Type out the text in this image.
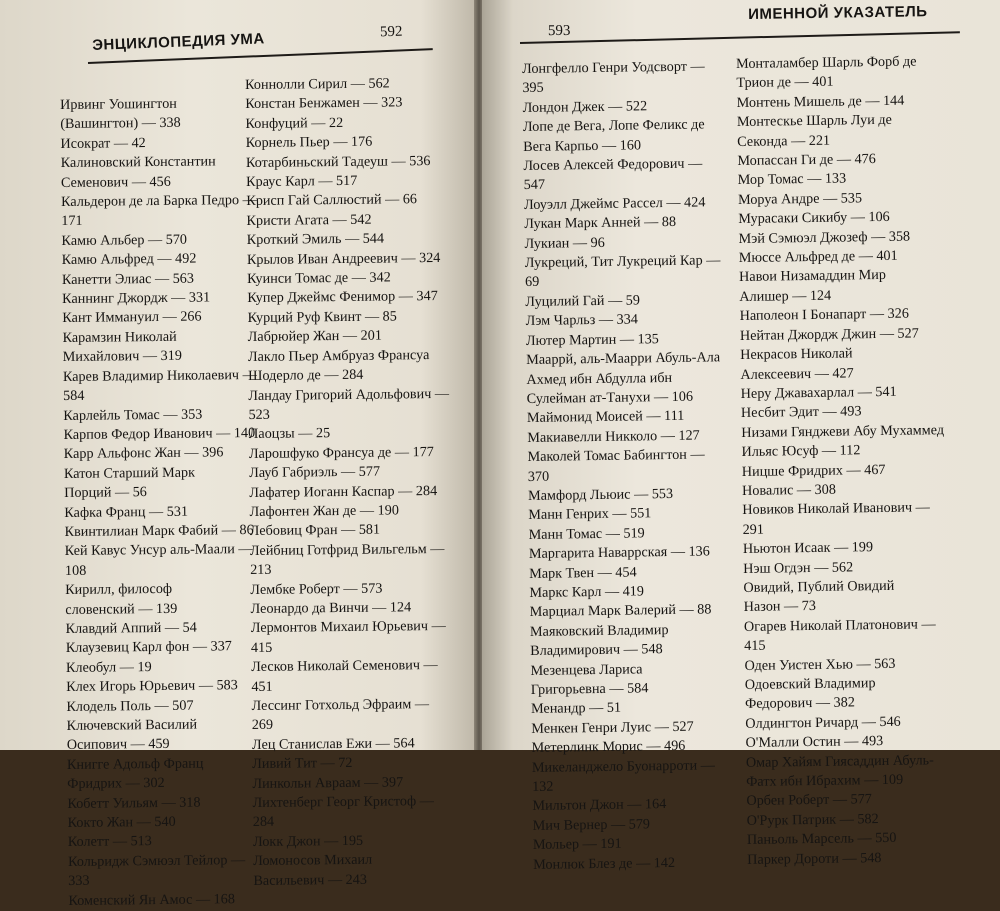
ЭНЦИКЛОПЕДИЯ УМА	592
Ирвинг Уошингтон
(Вашингтон) — 338
Исократ — 42
Калиновский Константин
Семенович — 456
Кальдерон де ла Барка Педро —
171
Камю Альбер — 570
Камю Альфред — 492
Канетти Элиас — 563
Каннинг Джордж — 331
Кант Иммануил — 266
Карамзин Николай
Михайлович — 319
Карев Владимир Николаевич —
584
Карлейль Томас — 353
Карпов Федор Иванович — 140
Карр Альфонс Жан — 396
Катон Старший Марк
Порций — 56
Кафка Франц — 531
Квинтилиан Марк Фабий — 86
Кей Кавус Унсур аль-Маали —
108
Кирилл, философ
словенский — 139
Клавдий Аппий — 54
Клаузевиц Карл фон — 337
Клеобул — 19
Клех Игорь Юрьевич — 583
Клодель Поль — 507
Ключевский Василий
Осипович — 459
Книгге Адольф Франц
Фридрих — 302
Кобетт Уильям — 318
Кокто Жан — 540
Колетт — 513
Кольридж Сэмюэл Тейлор —
333
Коменский Ян Амос — 168
Коннолли Сирил — 562
Констан Бенжамен — 323
Конфуций — 22
Корнель Пьер — 176
Котарбиньский Тадеуш — 536
Краус Карл — 517
Крисп Гай Саллюстий — 66
Кристи Агата — 542
Кроткий Эмиль — 544
Крылов Иван Андреевич — 324
Куинси Томас де — 342
Купер Джеймс Фенимор — 347
Курций Руф Квинт — 85
Лабрюйер Жан — 201
Лакло Пьер Амбруаз Франсуа
Шодерло де — 284
Ландау Григорий Адольфович —
523
Лаоцзы — 25
Ларошфуко Франсуа де — 177
Лауб Габриэль — 577
Лафатер Иоганн Каспар — 284
Лафонтен Жан де — 190
Лебовиц Фран — 581
Лейбниц Готфрид Вильгельм —
213
Лембке Роберт — 573
Леонардо да Винчи — 124
Лермонтов Михаил Юрьевич —
415
Лесков Николай Семенович —
451
Лессинг Готхольд Эфраим —
269
Лец Станислав Ежи — 564
Ливий Тит — 72
Линкольн Авраам — 397
Лихтенберг Георг Кристоф —
284
Локк Джон — 195
Ломоносов Михаил
Васильевич — 243
593
ИМЕННОЙ УКАЗАТЕЛЬ
Лонгфелло Генри Уодсворт —
395
Лондон Джек — 522
Лопе де Вега, Лопе Феликс де
Вега Карпьо — 160
Лосев Алексей Федорович —
547
Лоуэлл Джеймс Рассел — 424
Лукан Марк Анней — 88
Лукиан — 96
Лукреций, Тит Лукреций Кар —
69
Луцилий Гай — 59
Лэм Чарльз — 334
Лютер Мартин — 135
Мааррй, аль-Маарри Абуль-Ала
Ахмед ибн Абдулла ибн
Сулейман ат-Танухи — 106
Маймонид Моисей — 111
Макиавелли Никколо — 127
Маколей Томас Бабингтон —
370
Мамфорд Льюис — 553
Манн Генрих — 551
Манн Томас — 519
Маргарита Наваррская — 136
Марк Твен — 454
Маркс Карл — 419
Марциал Марк Валерий — 88
Маяковский Владимир
Владимирович — 548
Мезенцева Лариса
Григорьевна — 584
Менандр — 51
Менкен Генри Луис — 527
Метерлинк Морис — 496
Микеланджело Буонарроти —
132
Мильтон Джон — 164
Мич Вернер — 579
Мольер — 191
Монлюк Блез де — 142
Монталамбер Шарль Форб де
Трион де — 401
Монтень Мишель де — 144
Монтескье Шарль Луи де
Секонда — 221
Мопассан Ги де — 476
Мор Томас — 133
Моруа Андре — 535
Мурасаки Сикибу — 106
Мэй Сэмюэл Джозеф — 358
Мюссе Альфред де — 401
Навои Низамаддин Мир
Алишер — 124
Наполеон I Бонапарт — 326
Нейтан Джордж Джин — 527
Некрасов Николай
Алексеевич — 427
Неру Джавахарлал — 541
Несбит Эдит — 493
Низами Гянджеви Абу Мухаммед
Ильяс Юсуф — 112
Ницше Фридрих — 467
Новалис — 308
Новиков Николай Иванович —
291
Ньютон Исаак — 199
Нэш Огдэн — 562
Овидий, Публий Овидий
Назон — 73
Огарев Николай Платонович —
415
Оден Уистен Хью — 563
Одоевский Владимир
Федорович — 382
Олдингтон Ричард — 546
О'Малли Остин — 493
Омар Хайям Гиясаддин Абуль-
Фатх ибн Ибрахим — 109
Орбен Роберт — 577
О'Рурк Патрик — 582
Паньоль Марсель — 550
Паркер Дороти — 548
